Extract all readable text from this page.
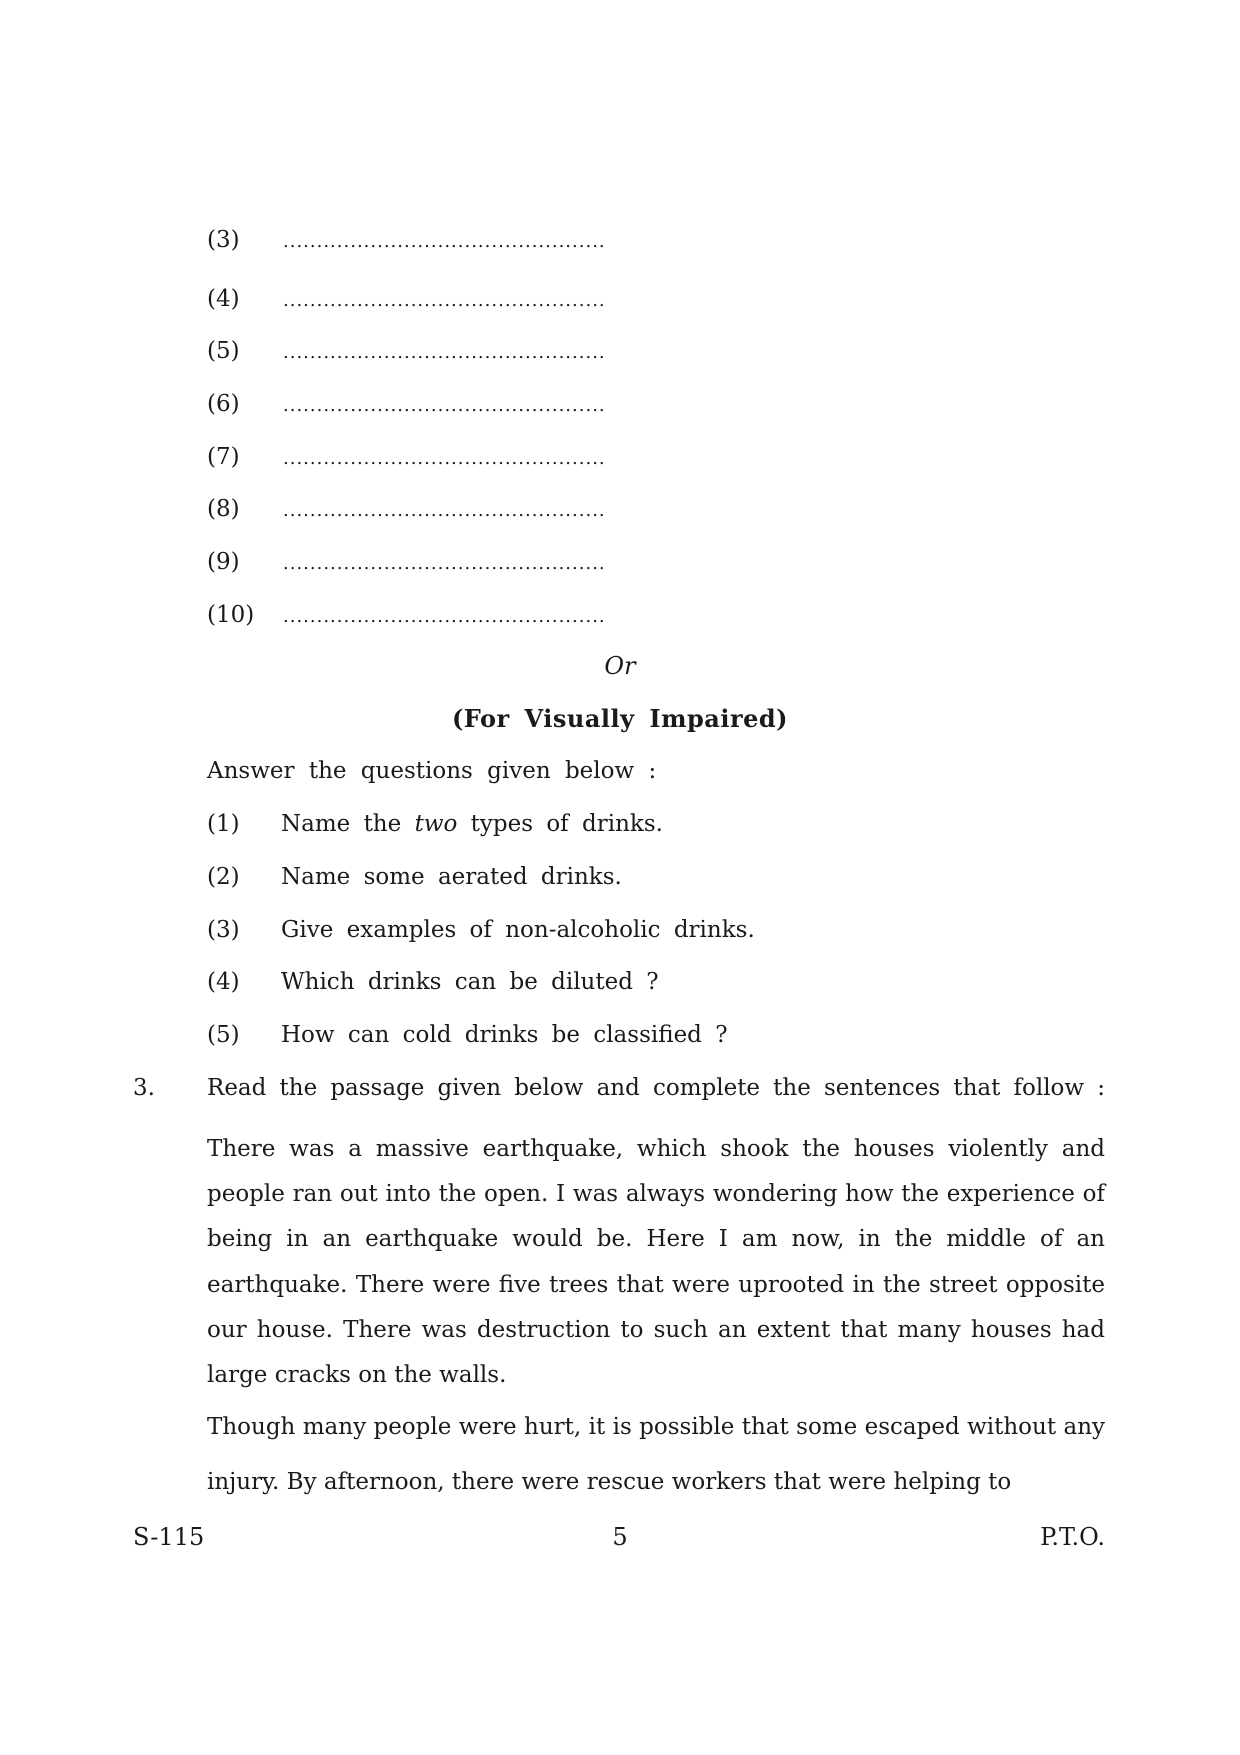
(3) ................................................
(4) ................................................
(5) ................................................
(6) ................................................
(7) ................................................
(8) ................................................
(9) ................................................
(10) ................................................
Or
(For Visually Impaired)
Answer the questions given below :
(1) Name the two types of drinks.
(2) Name some aerated drinks.
(3) Give examples of non-alcoholic drinks.
(4) Which drinks can be diluted ?
(5) How can cold drinks be classified ?
3. Read the passage given below and complete the sentences that follow :
There was a massive earthquake, which shook the houses violently and people ran out into the open. I was always wondering how the experience of being in an earthquake would be. Here I am now, in the middle of an earthquake. There were five trees that were uprooted in the street opposite our house. There was destruction to such an extent that many houses had large cracks on the walls.
Though many people were hurt, it is possible that some escaped without any injury. By afternoon, there were rescue workers that were helping to
S-115	5	P.T.O.
